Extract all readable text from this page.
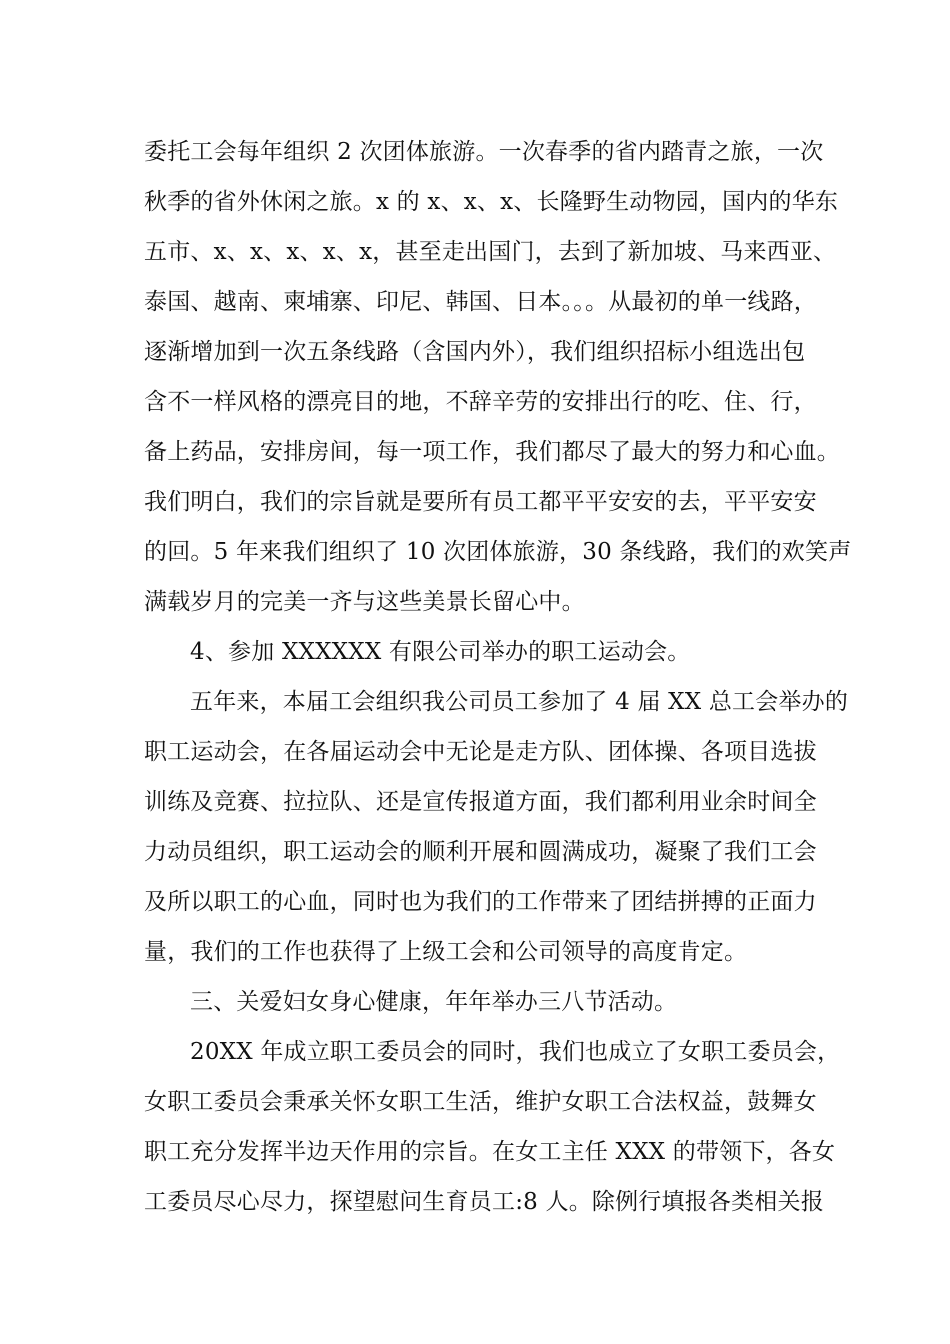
委托工会每年组织 2 次团体旅游。一次春季的省内踏青之旅，一次
秋季的省外休闲之旅。x 的 x、x、x、长隆野生动物园，国内的华东
五市、x、x、x、x、x，甚至走出国门，去到了新加坡、马来西亚、
泰国、越南、柬埔寨、印尼、韩国、日本。。。从最初的单一线路，
逐渐增加到一次五条线路（含国内外），我们组织招标小组选出包
含不一样风格的漂亮目的地，不辞辛劳的安排出行的吃、住、行，
备上药品，安排房间，每一项工作，我们都尽了最大的努力和心血。
我们明白，我们的宗旨就是要所有员工都平平安安的去，平平安安
的回。5 年来我们组织了 10 次团体旅游，30 条线路，我们的欢笑声
满载岁月的完美一齐与这些美景长留心中。
4、参加 XXXXXX 有限公司举办的职工运动会。
五年来，本届工会组织我公司员工参加了 4 届 XX 总工会举办的
职工运动会，在各届运动会中无论是走方队、团体操、各项目选拔
训练及竞赛、拉拉队、还是宣传报道方面，我们都利用业余时间全
力动员组织，职工运动会的顺利开展和圆满成功，凝聚了我们工会
及所以职工的心血，同时也为我们的工作带来了团结拼搏的正面力
量，我们的工作也获得了上级工会和公司领导的高度肯定。
三、关爱妇女身心健康，年年举办三八节活动。
20XX 年成立职工委员会的同时，我们也成立了女职工委员会，
女职工委员会秉承关怀女职工生活，维护女职工合法权益，鼓舞女
职工充分发挥半边天作用的宗旨。在女工主任 XXX 的带领下，各女
工委员尽心尽力，探望慰问生育员工:8 人。除例行填报各类相关报
